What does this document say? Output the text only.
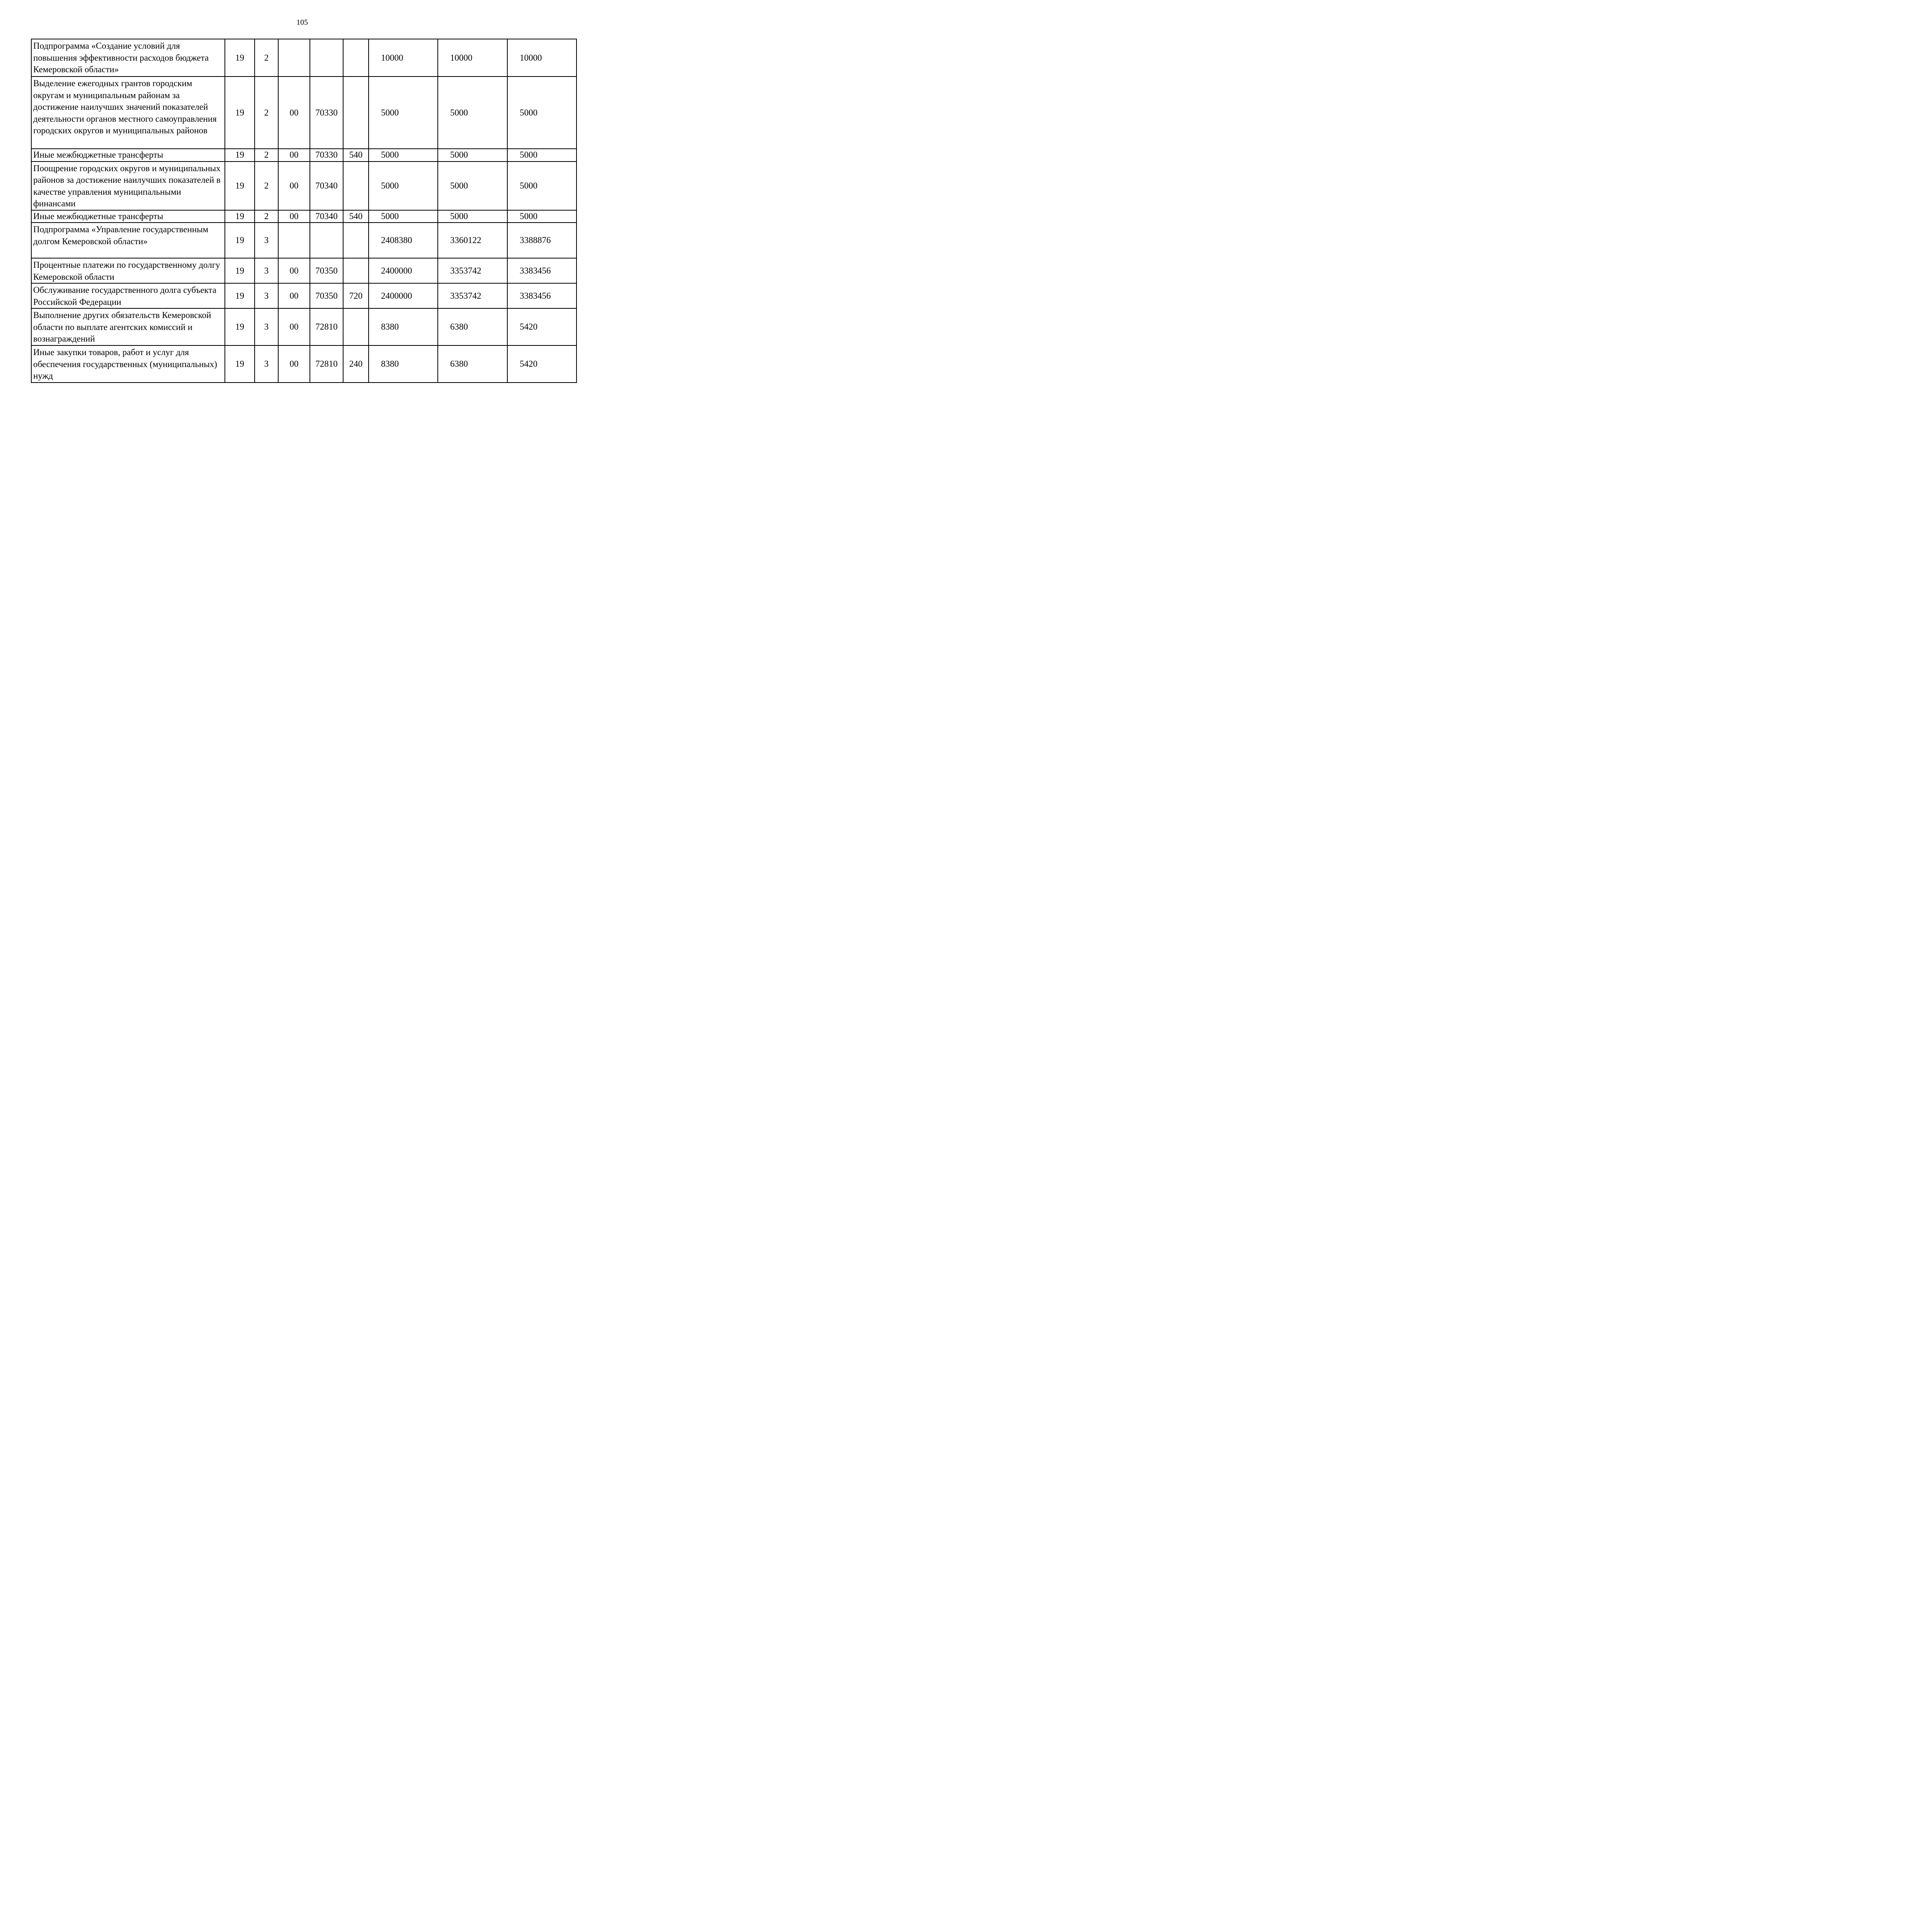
105
Подпрограмма «Создание условий для повышения эффективности расходов бюджета Кемеровской области»	19	2				10000	10000	10000
Выделение ежегодных грантов городским округам и муниципальным районам за достижение наилучших значений показателей деятельности органов местного самоуправления городских округов и муниципальных районов	19	2	00	70330		5000	5000	5000
Иные межбюджетные трансферты	19	2	00	70330	540	5000	5000	5000
Поощрение городских округов и муниципальных районов за достижение наилучших показателей в качестве управления муниципальными финансами	19	2	00	70340		5000	5000	5000
Иные межбюджетные трансферты	19	2	00	70340	540	5000	5000	5000
Подпрограмма «Управление государственным долгом Кемеровской области»	19	3				2408380	3360122	3388876
Процентные платежи по государственному долгу Кемеровской области	19	3	00	70350		2400000	3353742	3383456
Обслуживание государственного долга субъекта Российской Федерации	19	3	00	70350	720	2400000	3353742	3383456
Выполнение других обязательств Кемеровской области по выплате агентских комиссий и вознаграждений	19	3	00	72810		8380	6380	5420
Иные закупки товаров, работ и услуг для обеспечения государственных (муниципальных) нужд	19	3	00	72810	240	8380	6380	5420
